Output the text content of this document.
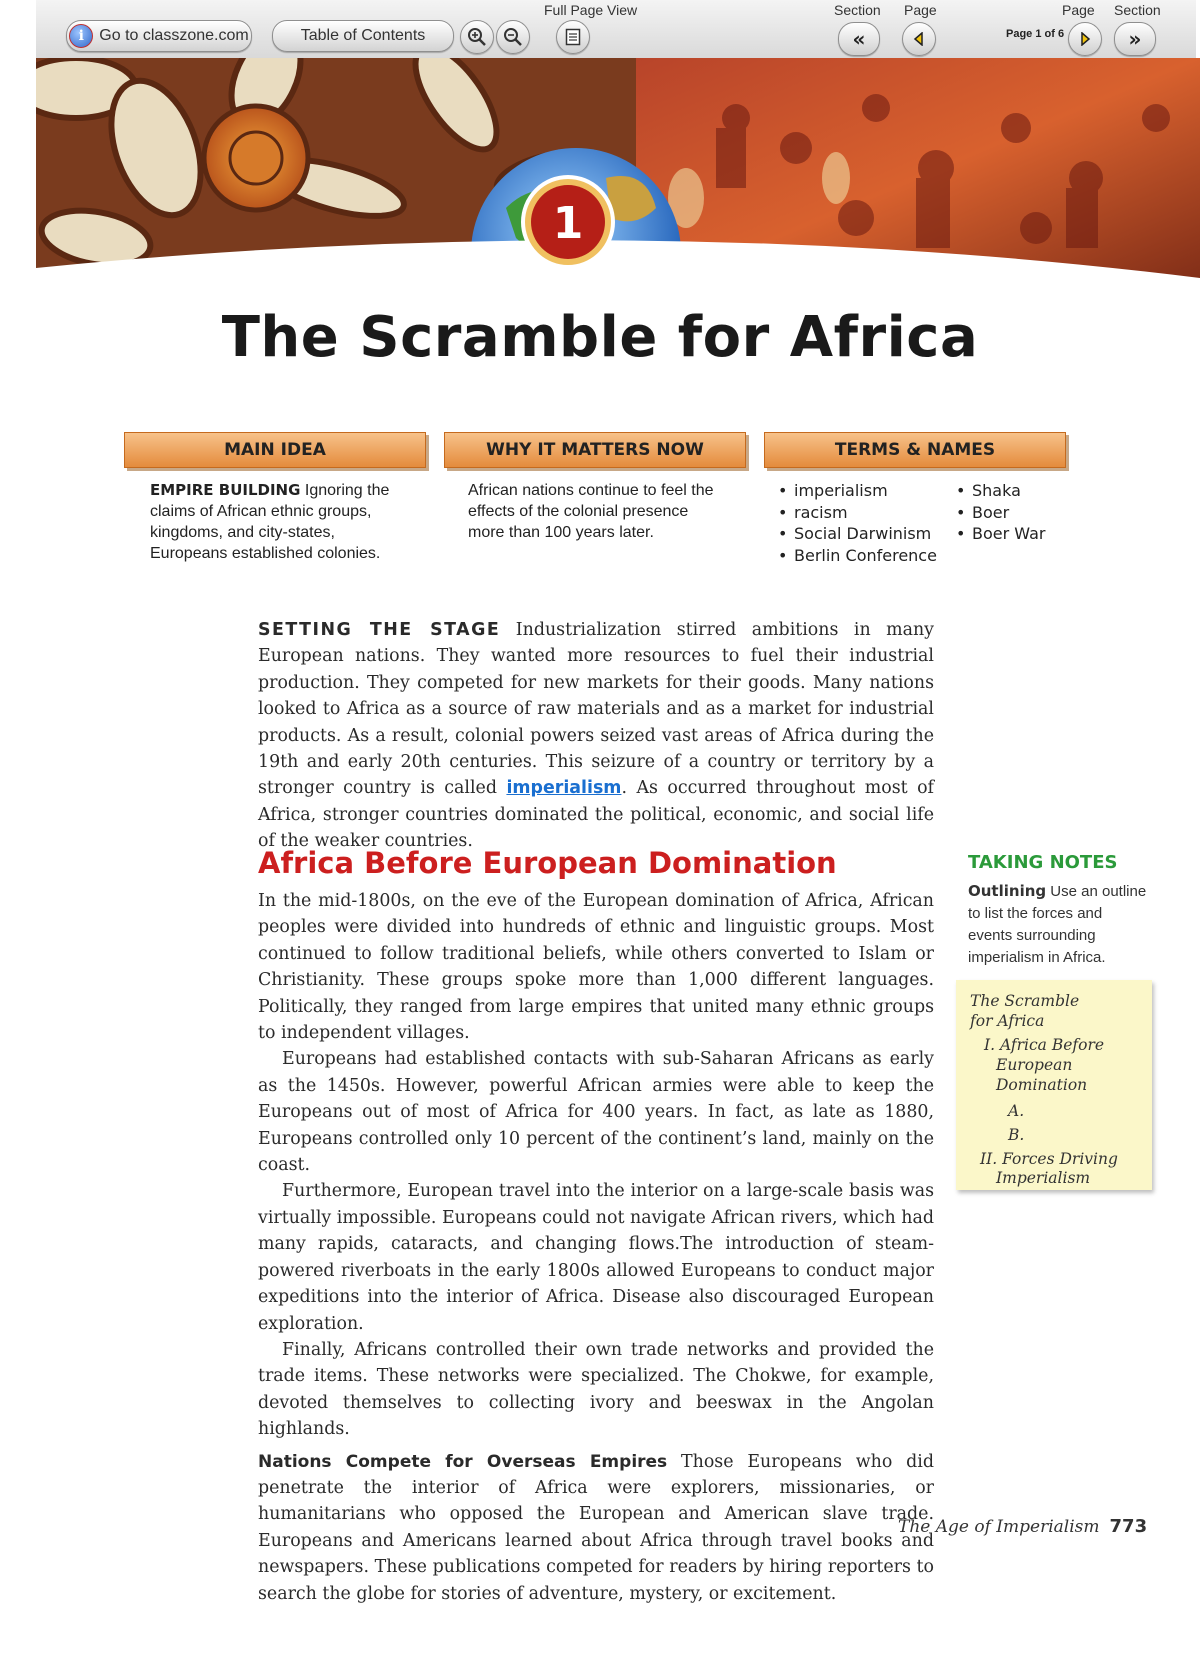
i Go to classzone.com	Table of Contents
Full Page View	Section Page
«	Page 1 of 6
Page Section
»
1
The Scramble for Africa
MAIN IDEA	WHY IT MATTERS NOW	TERMS & NAMES
EMPIRE BUILDING Ignoring the claims of African ethnic groups, kingdoms, and city-states, Europeans established colonies.
African nations continue to feel the effects of the colonial presence more than 100 years later.
• imperialism
• racism
• Social Darwinism
• Berlin Conference
• Shaka
• Boer
• Boer War

SETTING THE STAGE Industrialization stirred ambitions in many European nations. They wanted more resources to fuel their industrial production. They competed for new markets for their goods. Many nations looked to Africa as a source of raw materials and as a market for industrial products. As a result, colonial powers seized vast areas of Africa during the 19th and early 20th centuries. This seizure of a country or territory by a stronger country is called imperialism. As occurred throughout most of Africa, stronger countries dominated the political, economic, and social life of the weaker countries.

Africa Before European Domination

In the mid-1800s, on the eve of the European domination of Africa, African peoples were divided into hundreds of ethnic and linguistic groups. Most continued to follow traditional beliefs, while others converted to Islam or Christianity. These groups spoke more than 1,000 different languages. Politically, they ranged from large empires that united many ethnic groups to independent villages.

Europeans had established contacts with sub-Saharan Africans as early as the 1450s. However, powerful African armies were able to keep the Europeans out of most of Africa for 400 years. In fact, as late as 1880, Europeans controlled only 10 percent of the continent’s land, mainly on the coast.

Furthermore, European travel into the interior on a large-scale basis was virtually impossible. Europeans could not navigate African rivers, which had many rapids, cataracts, and changing flows.The introduction of steam-powered riverboats in the early 1800s allowed Europeans to conduct major expeditions into the interior of Africa. Disease also discouraged European exploration.

Finally, Africans controlled their own trade networks and provided the trade items. These networks were specialized. The Chokwe, for example, devoted themselves to collecting ivory and beeswax in the Angolan highlands.

Nations Compete for Overseas Empires Those Europeans who did penetrate the interior of Africa were explorers, missionaries, or humanitarians who opposed the European and American slave trade. Europeans and Americans learned about Africa through travel books and newspapers. These publications competed for readers by hiring reporters to search the globe for stories of adventure, mystery, or excitement.

TAKING NOTES
Outlining Use an outline to list the forces and events surrounding imperialism in Africa.
The Scramble
for Africa
I. Africa Before
European
Domination
A.
B.
II. Forces Driving
Imperialism
The Age of Imperialism 773
